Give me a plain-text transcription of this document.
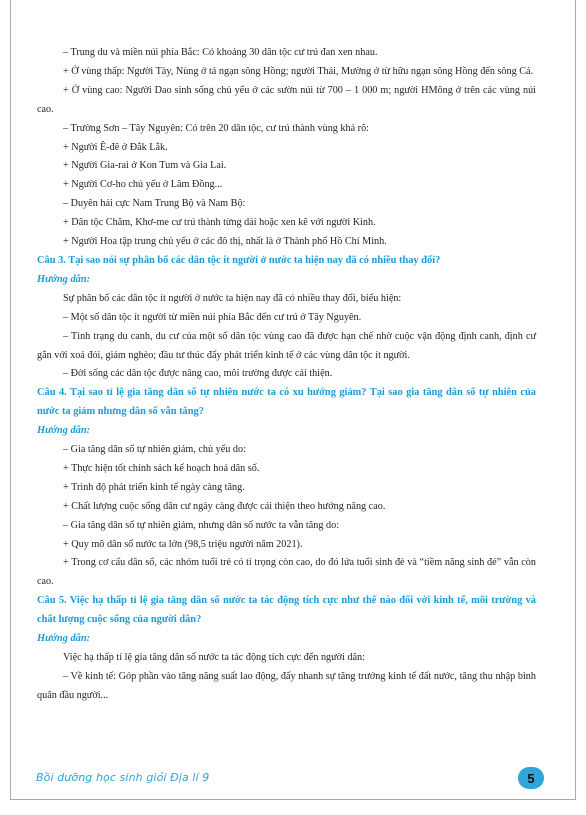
– Trung du và miền núi phía Bắc: Có khoảng 30 dân tộc cư trú đan xen nhau.

+ Ở vùng thấp: Người Tày, Nùng ở tả ngạn sông Hồng; người Thái, Mường ở từ hữu ngạn sông Hồng đến sông Cả.

+ Ở vùng cao: Người Dao sinh sống chủ yếu ở các sườn núi từ 700 – 1 000 m; người HMông ở trên các vùng núi cao.

– Trường Sơn – Tây Nguyên: Có trên 20 dân tộc, cư trú thành vùng khá rõ:

+ Người Ê-đê ở Đắk Lắk.

+ Người Gia-rai ở Kon Tum và Gia Lai.

+ Người Cơ-ho chủ yếu ở Lâm Đồng...

– Duyên hải cực Nam Trung Bộ và Nam Bộ:

+ Dân tộc Chăm, Khơ-me cư trú thành từng dải hoặc xen kẽ với người Kinh.

+ Người Hoa tập trung chủ yếu ở các đô thị, nhất là ở Thành phố Hồ Chí Minh.

Câu 3. Tại sao nói sự phân bố các dân tộc ít người ở nước ta hiện nay đã có nhiều thay đổi?

Hướng dẫn:

Sự phân bố các dân tộc ít người ở nước ta hiện nay đã có nhiều thay đổi, biểu hiện:

– Một số dân tộc ít người từ miền núi phía Bắc đến cư trú ở Tây Nguyên.

– Tình trạng du canh, du cư của một số dân tộc vùng cao đã được hạn chế nhờ cuộc vận động định canh, định cư gắn với xoá đói, giảm nghèo; đầu tư thúc đẩy phát triển kinh tế ở các vùng dân tộc ít người.

– Đời sống các dân tộc được nâng cao, môi trường được cải thiện.

Câu 4. Tại sao tỉ lệ gia tăng dân số tự nhiên nước ta có xu hướng giảm? Tại sao gia tăng dân số tự nhiên của nước ta giảm nhưng dân số vẫn tăng?

Hướng dẫn:

– Gia tăng dân số tự nhiên giảm, chủ yếu do:

+ Thực hiện tốt chính sách kế hoạch hoá dân số.

+ Trình độ phát triển kinh tế ngày càng tăng.

+ Chất lượng cuộc sống dân cư ngày càng được cải thiện theo hướng nâng cao.

– Gia tăng dân số tự nhiên giảm, nhưng dân số nước ta vẫn tăng do:

+ Quy mô dân số nước ta lớn (98,5 triệu người năm 2021).

+ Trong cơ cấu dân số, các nhóm tuổi trẻ có tỉ trọng còn cao, do đó lứa tuổi sinh đẻ và “tiềm năng sinh đẻ” vẫn còn cao.

Câu 5. Việc hạ thấp tỉ lệ gia tăng dân số nước ta tác động tích cực như thế nào đối với kinh tế, môi trường và chất lượng cuộc sống của người dân?

Hướng dẫn:

Việc hạ thấp tỉ lệ gia tăng dân số nước ta tác động tích cực đến người dân:

– Về kinh tế: Góp phần vào tăng năng suất lao động, đẩy nhanh sự tăng trưởng kinh tế đất nước, tăng thu nhập bình quân đầu người...

Bồi dưỡng học sinh giỏi Địa lí 9	5
